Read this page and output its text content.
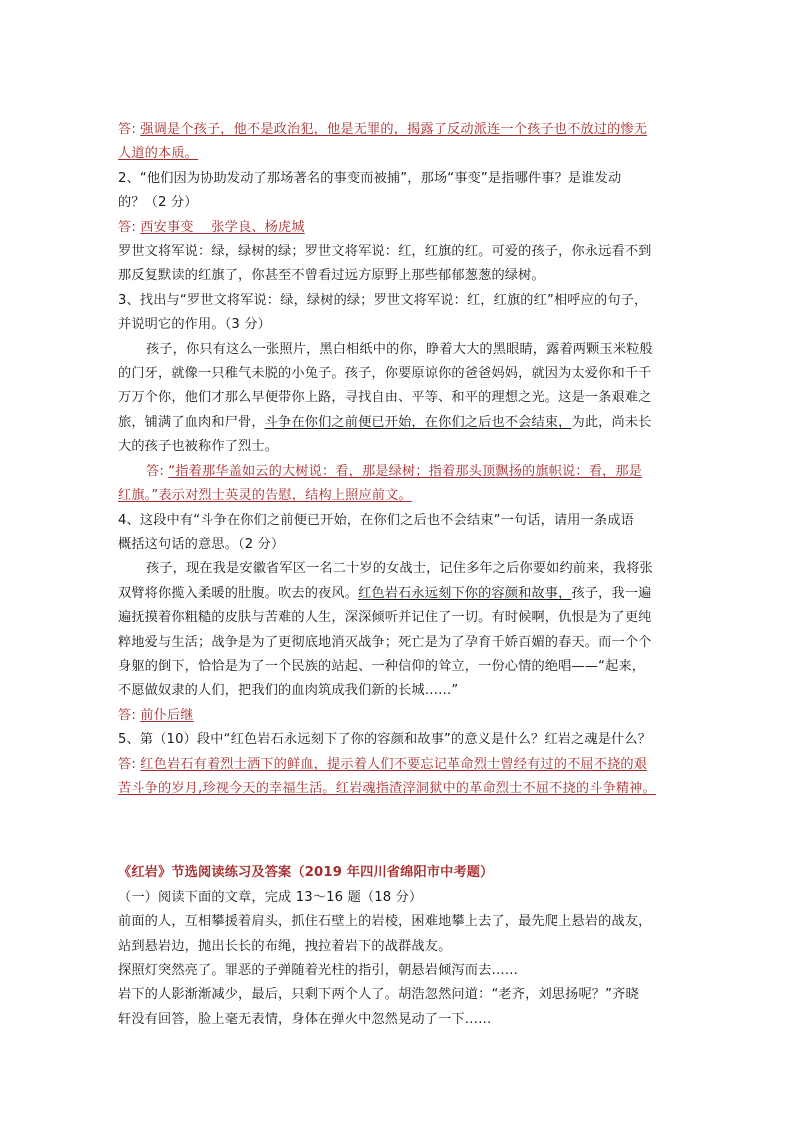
答: 强调是个孩子，他不是政治犯，他是无罪的，揭露了反动派连一个孩子也不放过的惨无
人道的本质。
2、“他们因为协助发动了那场著名的事变而被捕”，那场“事变”是指哪件事？是谁发动
的？（2 分）
答: 西安事变　 张学良、杨虎城
罗世文将军说：绿，绿树的绿；罗世文将军说：红，红旗的红。可爱的孩子，你永远看不到
那反复默读的红旗了，你甚至不曾看过远方原野上那些郁郁葱葱的绿树。
3、找出与“罗世文将军说：绿，绿树的绿；罗世文将军说：红，红旗的红”相呼应的句子，
并说明它的作用。（3 分）
孩子，你只有这么一张照片，黑白相纸中的你，睁着大大的黑眼睛，露着两颗玉米粒般
的门牙，就像一只稚气未脱的小兔子。孩子，你要原谅你的爸爸妈妈，就因为太爱你和千千
万万个你，他们才那么早便带你上路，寻找自由、平等、和平的理想之光。这是一条艰难之
旅，铺满了血肉和尸骨，斗争在你们之前便已开始，在你们之后也不会结束，为此，尚未长
大的孩子也被称作了烈士。
答: “指着那华盖如云的大树说：看，那是绿树；指着那头顶飘扬的旗帜说：看，那是
红旗。”表示对烈士英灵的告慰，结构上照应前文。
4、这段中有“斗争在你们之前便已开始，在你们之后也不会结束”一句话，请用一条成语
概括这句话的意思。（2 分）
孩子，现在我是安徽省军区一名二十岁的女战士，记住多年之后你要如约前来，我将张
双臂将你揽入柔暖的肚腹。吹去的夜风。红色岩石永远刻下你的容颜和故事，孩子，我一遍
遍抚摸着你粗糙的皮肤与苦难的人生，深深倾听并记住了一切。有时候啊，仇恨是为了更纯
粹地爱与生活；战争是为了更彻底地消灭战争；死亡是为了孕育千娇百媚的春天。而一个个
身躯的倒下，恰恰是为了一个民族的站起、一种信仰的耸立，一份心情的绝唱——“起来，
不愿做奴隶的人们，把我们的血肉筑成我们新的长城……”
答: 前仆后继
5、第（10）段中“红色岩石永远刻下了你的容颜和故事”的意义是什么？红岩之魂是什么？
答: 红色岩石有着烈士洒下的鲜血，提示着人们不要忘记革命烈士曾经有过的不屈不挠的艰
苦斗争的岁月,珍视今天的幸福生活。红岩魂指渣滓洞狱中的革命烈士不屈不挠的斗争精神。
《红岩》节选阅读练习及答案（2019 年四川省绵阳市中考题）
（一）阅读下面的文章，完成 13～16 题（18 分）
前面的人，互相攀援着肩头，抓住石壁上的岩棱，困难地攀上去了，最先爬上悬岩的战友，
站到悬岩边，抛出长长的布绳，拽拉着岩下的战群战友。
探照灯突然亮了。罪恶的子弹随着光柱的指引，朝悬岩倾泻而去……
岩下的人影渐渐减少，最后，只剩下两个人了。胡浩忽然问道：“老齐，刘思扬呢？”齐晓
轩没有回答，脸上毫无表情，身体在弹火中忽然晃动了一下……
